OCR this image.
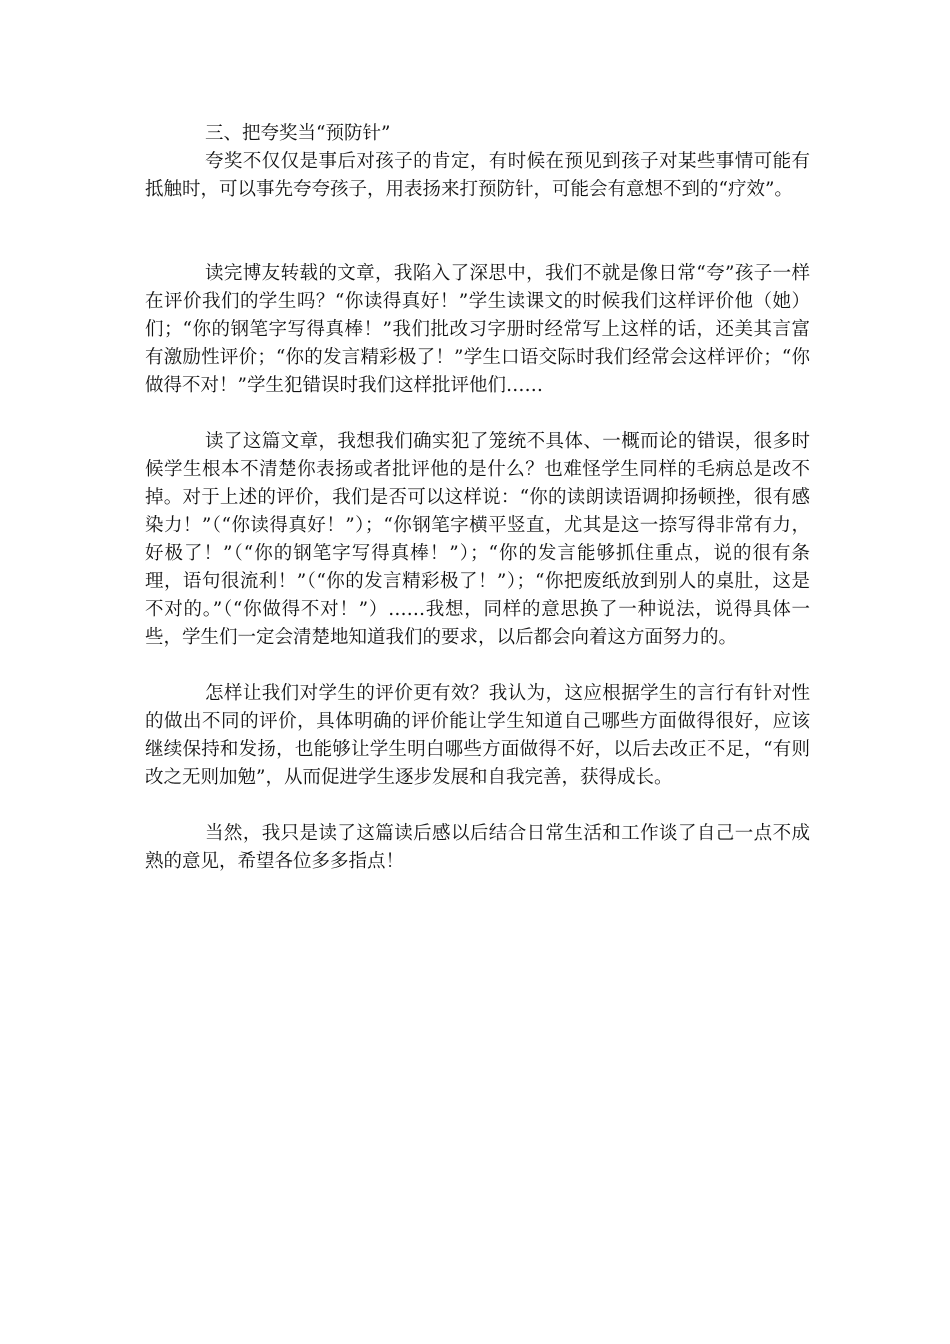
三、把夸奖当“预防针”

夸奖不仅仅是事后对孩子的肯定，有时候在预见到孩子对某些事情可能有抵触时，可以事先夸夸孩子，用表扬来打预防针，可能会有意想不到的“疗效”。

读完博友转载的文章，我陷入了深思中，我们不就是像日常“夸”孩子一样在评价我们的学生吗？“你读得真好！”学生读课文的时候我们这样评价他（她）们；“你的钢笔字写得真棒！”我们批改习字册时经常写上这样的话，还美其言富有激励性评价；“你的发言精彩极了！”学生口语交际时我们经常会这样评价；“你做得不对！”学生犯错误时我们这样批评他们……

读了这篇文章，我想我们确实犯了笼统不具体、一概而论的错误，很多时候学生根本不清楚你表扬或者批评他的是什么？也难怪学生同样的毛病总是改不掉。对于上述的评价，我们是否可以这样说：“你的读朗读语调抑扬顿挫，很有感染力！”（“你读得真好！”）；“你钢笔字横平竖直，尤其是这一捺写得非常有力，好极了！”（“你的钢笔字写得真棒！”）；“你的发言能够抓住重点，说的很有条理，语句很流利！”（“你的发言精彩极了！”）；“你把废纸放到别人的桌肚，这是不对的。”（“你做得不对！”）……我想，同样的意思换了一种说法，说得具体一些，学生们一定会清楚地知道我们的要求，以后都会向着这方面努力的。

怎样让我们对学生的评价更有效？我认为，这应根据学生的言行有针对性的做出不同的评价，具体明确的评价能让学生知道自己哪些方面做得很好，应该继续保持和发扬，也能够让学生明白哪些方面做得不好，以后去改正不足，“有则改之无则加勉”，从而促进学生逐步发展和自我完善，获得成长。

当然，我只是读了这篇读后感以后结合日常生活和工作谈了自己一点不成熟的意见，希望各位多多指点！
